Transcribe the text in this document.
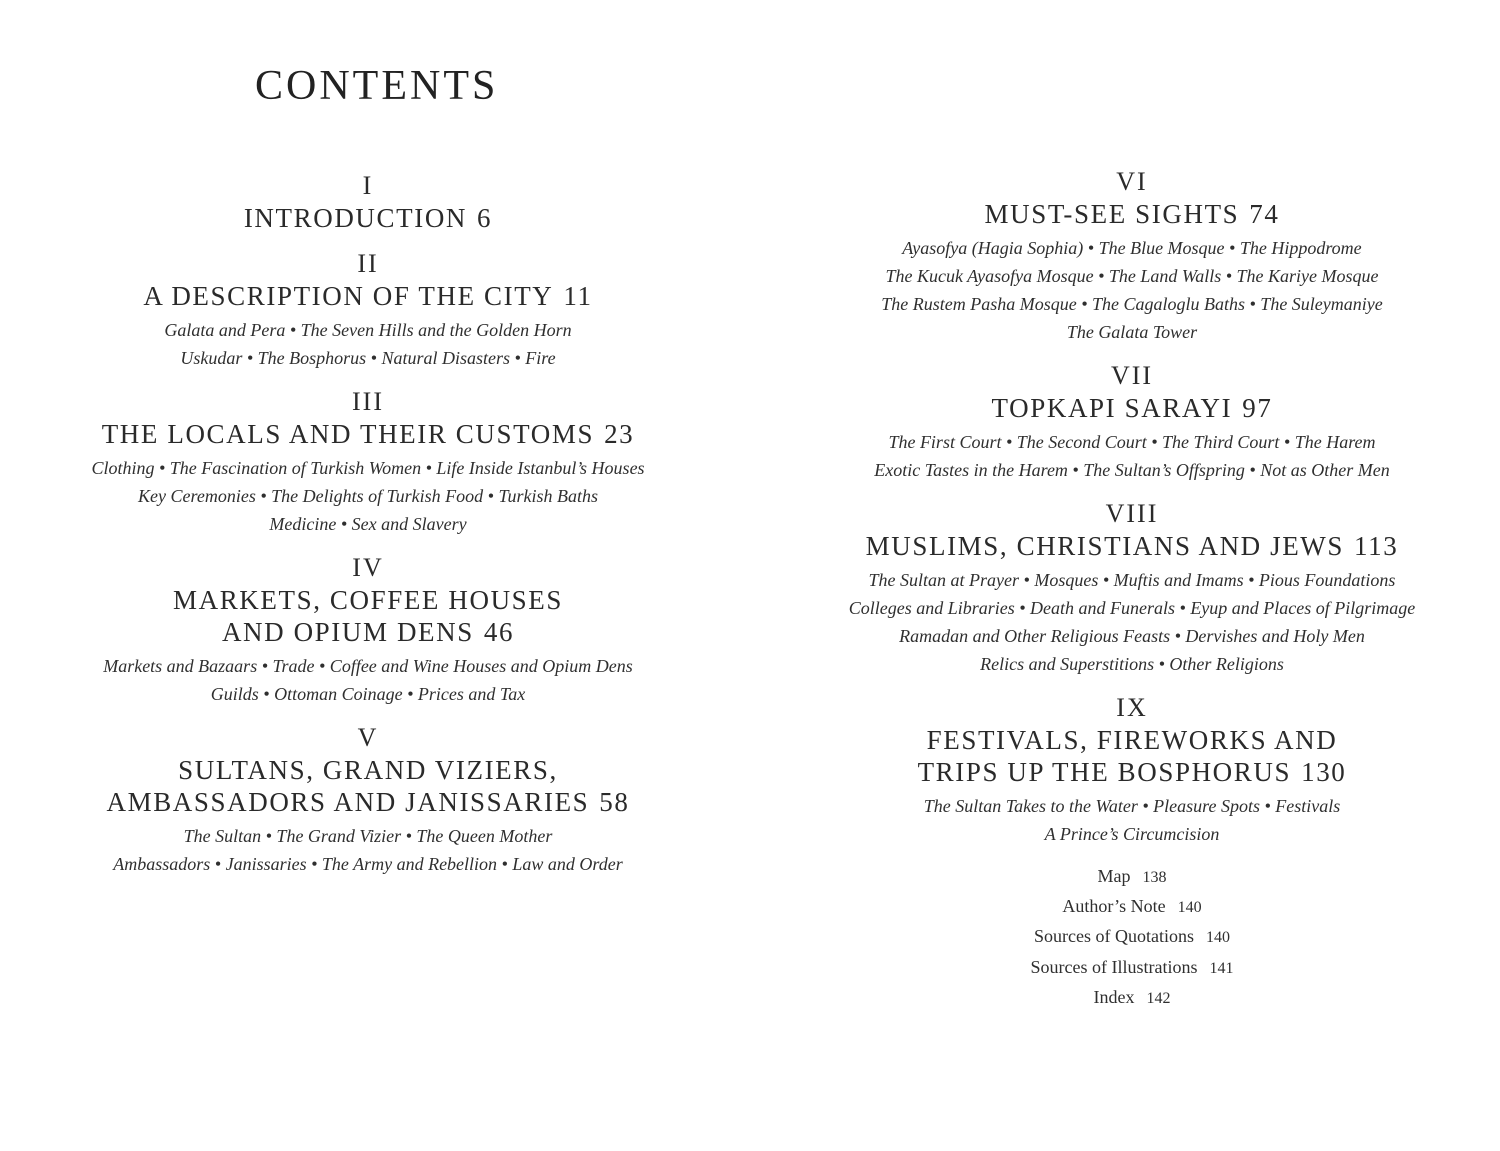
CONTENTS
I
INTRODUCTION 6
II
A DESCRIPTION OF THE CITY 11
Galata and Pera • The Seven Hills and the Golden Horn
Uskudar • The Bosphorus • Natural Disasters • Fire
III
THE LOCALS AND THEIR CUSTOMS 23
Clothing • The Fascination of Turkish Women • Life Inside Istanbul’s Houses
Key Ceremonies • The Delights of Turkish Food • Turkish Baths
Medicine • Sex and Slavery
IV
MARKETS, COFFEE HOUSES
AND OPIUM DENS 46
Markets and Bazaars • Trade • Coffee and Wine Houses and Opium Dens
Guilds • Ottoman Coinage • Prices and Tax
V
SULTANS, GRAND VIZIERS,
AMBASSADORS AND JANISSARIES 58
The Sultan • The Grand Vizier • The Queen Mother
Ambassadors • Janissaries • The Army and Rebellion • Law and Order
VI
MUST-SEE SIGHTS 74
Ayasofya (Hagia Sophia) • The Blue Mosque • The Hippodrome
The Kucuk Ayasofya Mosque • The Land Walls • The Kariye Mosque
The Rustem Pasha Mosque • The Cagaloglu Baths • The Suleymaniye
The Galata Tower
VII
TOPKAPI SARAYI 97
The First Court • The Second Court • The Third Court • The Harem
Exotic Tastes in the Harem • The Sultan’s Offspring • Not as Other Men
VIII
MUSLIMS, CHRISTIANS AND JEWS 113
The Sultan at Prayer • Mosques • Muftis and Imams • Pious Foundations
Colleges and Libraries • Death and Funerals • Eyup and Places of Pilgrimage
Ramadan and Other Religious Feasts • Dervishes and Holy Men
Relics and Superstitions • Other Religions
IX
FESTIVALS, FIREWORKS AND
TRIPS UP THE BOSPHORUS 130
The Sultan Takes to the Water • Pleasure Spots • Festivals
A Prince’s Circumcision
Map 138
Author’s Note 140
Sources of Quotations 140
Sources of Illustrations 141
Index 142
